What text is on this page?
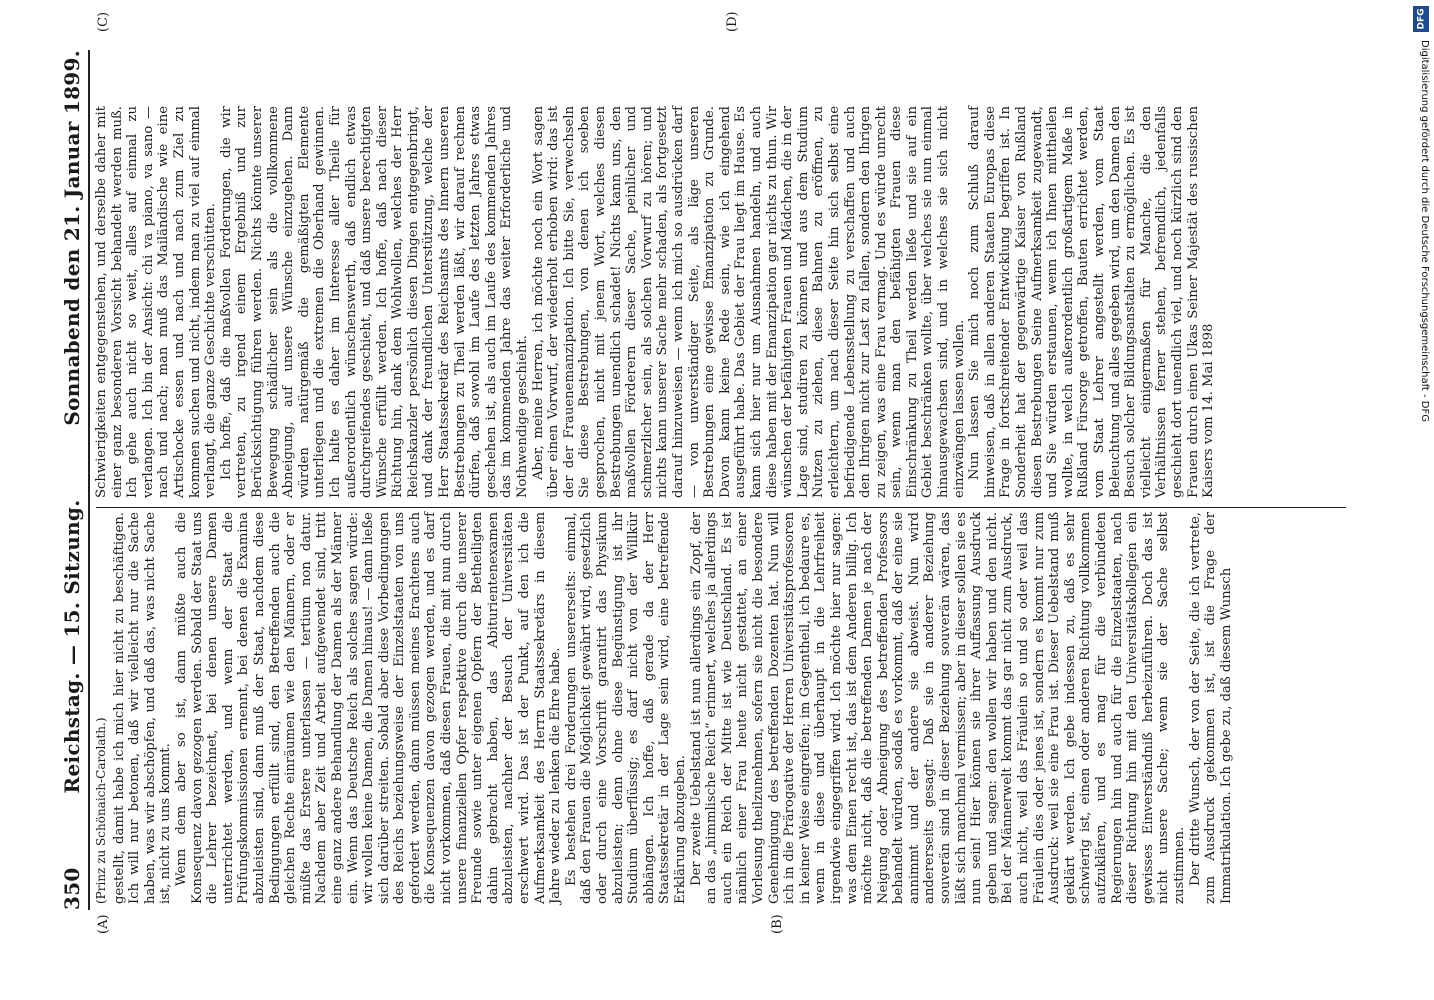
350
Reichstag. — 15. Sitzung.
Sonnabend den 21. Januar 1899.
(A)	(B)
(C)	(D)
(Prinz zu Schönaich-Carolath.) gestellt, damit habe ich mich hier nicht zu beschäftigen. Ich will nur betonen, daß wir vielleicht nur die Sache haben, was wir abschöpfen, und daß das, was nicht Sache ist, nicht zu uns kommt. Wenn dem aber so ist, dann müßte auch die Konsequenz davon gezogen werden. Sobald der Staat uns die Lehrer bezeichnet, bei denen unsere Damen unterrichtet werden, und wenn der Staat die Prüfungskommissionen ernennt, bei denen die Examina abzuleisten sind, dann muß der Staat, nachdem diese Bedingungen erfüllt sind, den Betreffenden auch die gleichen Rechte einräumen wie den Männern, oder er müßte das Erstere unterlassen — tertium non datur. Nachdem aber Zeit und Arbeit aufgewendet sind, tritt eine ganz andere Behandlung der Damen als der Männer ein. Wenn das Deutsche Reich als solches sagen würde: wir wollen keine Damen, die Damen hinaus! — dann ließe sich darüber streiten. Sobald aber diese Vorbedingungen des Reichs beziehungsweise der Einzelstaaten von uns gefordert werden, dann müssen meines Erachtens auch die Konsequenzen davon gezogen werden, und es darf nicht vorkommen, daß diesen Frauen, die mit nun durch unsere finanziellen Opfer respektive durch die unserer Freunde sowie unter eigenen Opfern der Betheiligten dahin gebracht haben, das Abiturientenexamen abzuleisten, nachher der Besuch der Universitäten erschwert wird. Das ist der Punkt, auf den ich die Aufmerksamkeit des Herrn Staatssekretärs in diesem Jahre wieder zu lenken die Ehre habe. Es bestehen drei Forderungen unsererseits: einmal, daß den Frauen die Möglichkeit gewährt wird, gesetzlich oder durch eine Vorschrift garantirt das Physikum abzuleisten; denn ohne diese Begünstigung ist ihr Studium überflüssig; es darf nicht von der Willkür abhängen. Ich hoffe, daß gerade da der Herr Staatssekretär in der Lage sein wird, eine betreffende Erklärung abzugeben. Der zweite Uebelstand ist nun allerdings ein Zopf, der an das „himmlische Reich“ erinnert, welches ja allerdings auch ein Reich der Mitte ist wie Deutschland. Es ist nämlich einer Frau heute nicht gestattet, an einer Vorlesung theilzunehmen, sofern sie nicht die besondere Genehmigung des betreffenden Dozenten hat. Nun will ich in die Prärogative der Herren Universitätsprofessoren in keiner Weise eingreifen; im Gegentheil, ich bedaure es, wenn in diese und überhaupt in die Lehrfreiheit irgendwie eingegriffen wird. Ich möchte hier nur sagen: was dem Einen recht ist, das ist dem Anderen billig. Ich möchte nicht, daß die betreffenden Damen je nach der Neigung oder Abneigung des betreffenden Professors behandelt würden, sodaß es vorkommt, daß der eine sie annimmt und der andere sie abweist. Nun wird andererseits gesagt: Daß sie in anderer Beziehung souverän sind in dieser Beziehung souverän wären, das läßt sich manchmal vermissen; aber in dieser sollen sie es nun sein! Hier können sie ihrer Auffassung Ausdruck geben und sagen: den wollen wir haben und den nicht. Bei der Männerwelt kommt das gar nicht zum Ausdruck, auch nicht, weil das Fräulein so und so oder weil das Fräulein dies oder jenes ist, sondern es kommt nur zum Ausdruck: weil sie eine Frau ist. Dieser Uebelstand muß geklärt werden. Ich gebe indessen zu, daß es sehr schwierig ist, einen oder anderen Richtung vollkommen aufzuklären, und es mag für die verbündeten Regierungen hin und auch für die Einzelstaaten, nach dieser Richtung hin mit den Universitätskollegien ein gewisses Einverständniß herbeizuführen. Doch das ist nicht unsere Sache; wenn sie der Sache selbst zustimmen. Der dritte Wunsch, der von der Seite, die ich vertrete, zum Ausdruck gekommen ist, ist die Frage der Immatrikulation. Ich gebe zu, daß diesem Wunsch

Schwierigkeiten entgegenstehen, und derselbe daher mit einer ganz besonderen Vorsicht behandelt werden muß. Ich gehe auch nicht so weit, alles auf einmal zu verlangen. Ich bin der Ansicht: chi va piano, va sano — nach und nach; man muß das Mailändische wie eine Artischocke essen und nach und nach zum Ziel zu kommen suchen und nicht, indem man zu viel auf einmal verlangt, die ganze Geschichte verschütten. Ich hoffe, daß die maßvollen Forderungen, die wir vertreten, zu irgend einem Ergebniß und zur Berücksichtigung führen werden. Nichts könnte unserer Bewegung schädlicher sein als die vollkommene Abneigung, auf unsere Wünsche einzugehen. Dann würden natürgemäß die gemäßigten Elemente unterliegen und die extremen die Oberhand gewinnen. Ich halte es daher im Interesse aller Theile für außerordentlich wünschenswerth, daß endlich etwas durchgreifendes geschieht, und daß unsere berechtigten Wünsche erfüllt werden. Ich hoffe, daß nach dieser Richtung hin, dank dem Wohlwollen, welches der Herr Reichskanzler persönlich diesen Dingen entgegenbringt, und dank der freundlichen Unterstützung, welche der Herr Staatssekretär des Reichsamts des Innern unseren Bestrebungen zu Theil werden läßt, wir darauf rechnen dürfen, daß sowohl im Laufe des letzten Jahres etwas geschehen ist, als auch im Laufe des kommenden Jahres das im kommenden Jahre das weiter Erforderliche und Nothwendige geschieht. Aber, meine Herren, ich möchte noch ein Wort sagen über einen Vorwurf, der wiederholt erhoben wird: das ist der der Frauenemanzipation. Ich bitte Sie, verwechseln Sie diese Bestrebungen, von denen ich soeben gesprochen, nicht mit jenem Wort, welches diesen Bestrebungen unendlich schadet! Nichts kann uns, den maßvollen Förderern dieser Sache, peinlicher und schmerzlicher sein, als solchen Vorwurf zu hören; und nichts kann unserer Sache mehr schaden, als fortgesetzt darauf hinzuweisen — wenn ich mich so ausdrücken darf — von unverständiger Seite, als läge unseren Bestrebungen eine gewisse Emanzipation zu Grunde. Davon kann keine Rede sein, wie ich eingehend ausgeführt habe. Das Gebiet der Frau liegt im Hause. Es kann sich hier nur um Ausnahmen handeln, und auch diese haben mit der Emanzipation gar nichts zu thun. Wir wünschen der befähigten Frauen und Mädchen, die in der Lage sind, studiren zu können und aus dem Studium Nutzen zu ziehen, diese Bahnen zu eröffnen, zu erleichtern, um nach dieser Seite hin sich selbst eine befriedigende Lebensstellung zu verschaffen und auch den Ihrigen nicht zur Last zu fallen, sondern den Ihrigen zu zeigen, was eine Frau vermag. Und es würde unrecht sein, wenn man den befähigten Frauen diese Einschränkung zu Theil werden ließe und sie auf ein Gebiet beschränken wollte, über welches sie nun einmal hinausgewachsen sind, und in welches sie sich nicht einzwängen lassen wollen. Nun lassen Sie mich noch zum Schluß darauf hinweisen, daß in allen anderen Staaten Europas diese Frage in fortschreitender Entwicklung begriffen ist. In Sonderheit hat der gegenwärtige Kaiser von Rußland diesen Bestrebungen Seine Aufmerksamkeit zugewandt, und Sie würden erstaunen, wenn ich Ihnen mittheilen wollte, in welch außerordentlich großartigem Maße in Rußland Fürsorge getroffen, Bauten errichtet werden, vom Staat Lehrer angestellt werden, vom Staat Beleuchtung und alles gegeben wird, um den Damen den Besuch solcher Bildungsanstalten zu ermöglichen. Es ist vielleicht einigermaßen für Manche, die den Verhältnissen ferner stehen, befremdlich, jedenfalls geschieht dort unendlich viel, und noch kürzlich sind den Frauen durch einen Ukas Seiner Majestät des russischen Kaisers vom 14. Mai 1898

DFG
Digitalisierung gefördert durch die Deutsche Forschungsgemeinschaft - DFG
